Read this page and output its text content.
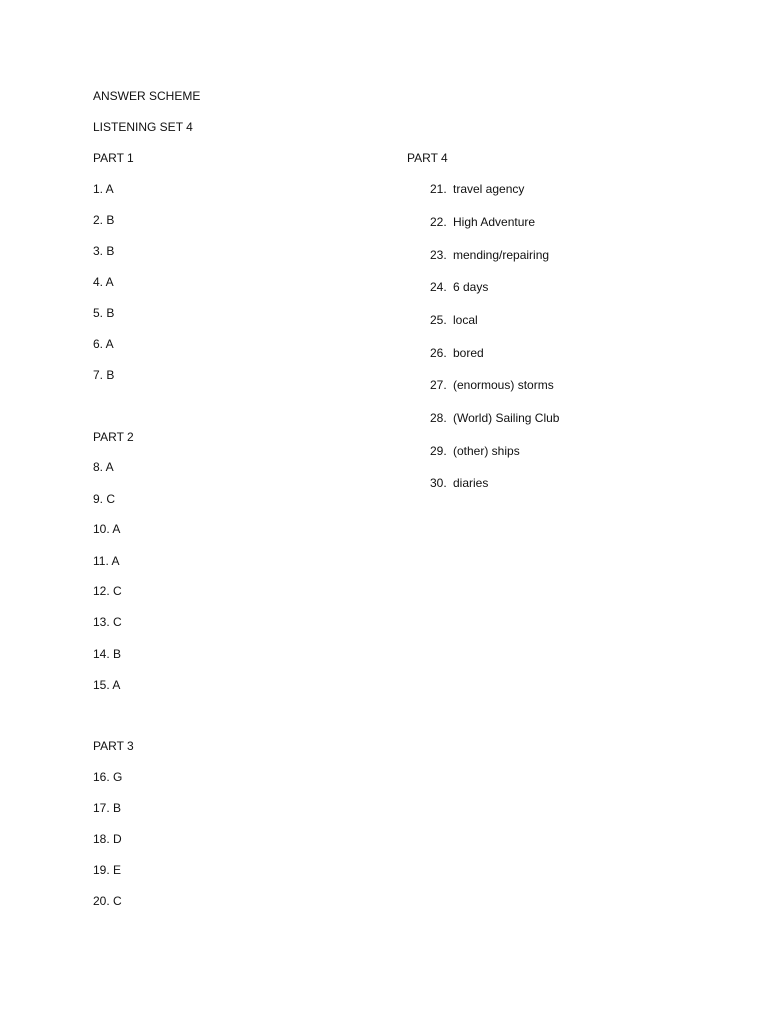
ANSWER SCHEME
LISTENING SET 4
PART 1
1. A
2. B
3. B
4. A
5. B
6. A
7. B
PART 2
8. A
9. C
10. A
11. A
12. C
13. C
14. B
15. A
PART 3
16. G
17. B
18. D
19. E
20. C
PART 4
21. travel agency
22. High Adventure
23. mending/repairing
24. 6 days
25. local
26. bored
27. (enormous) storms
28. (World) Sailing Club
29. (other) ships
30. diaries
